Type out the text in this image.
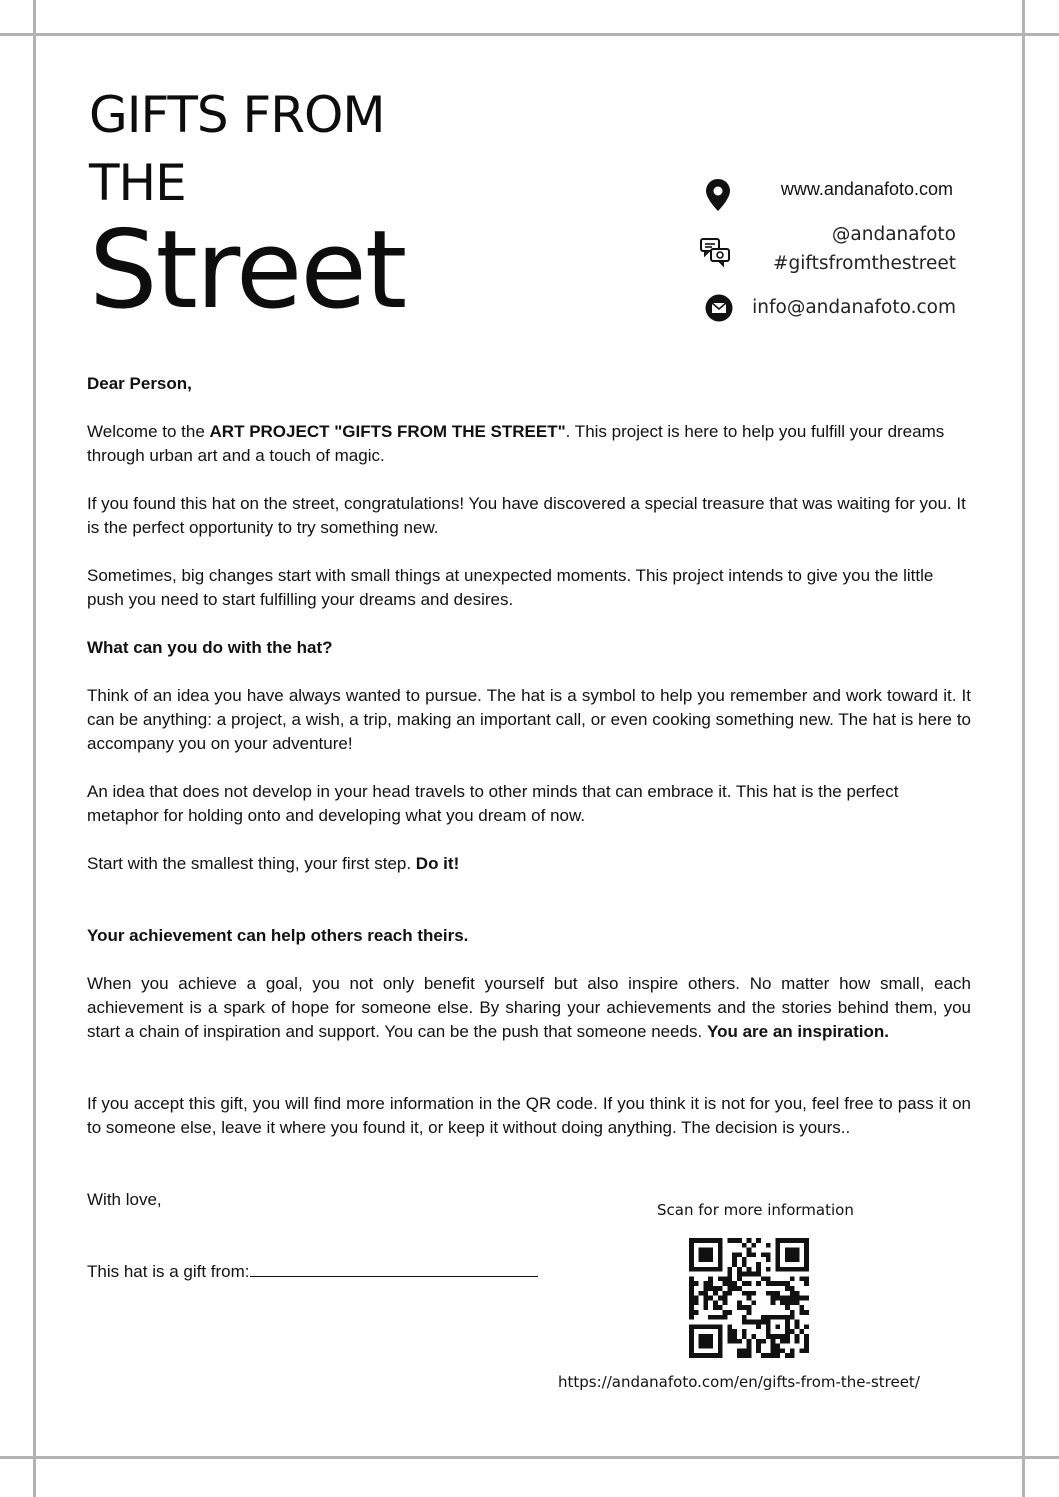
GIFTS FROM
THE
Street
www.andanafoto.com
@andanafoto
#giftsfromthestreet
info@andanafoto.com

Dear Person,

Welcome to the ART PROJECT "GIFTS FROM THE STREET". This project is here to help you fulfill your dreams through urban art and a touch of magic.

If you found this hat on the street, congratulations! You have discovered a special treasure that was waiting for you. It is the perfect opportunity to try something new.

Sometimes, big changes start with small things at unexpected moments. This project intends to give you the little push you need to start fulfilling your dreams and desires.

What can you do with the hat?

Think of an idea you have always wanted to pursue. The hat is a symbol to help you remember and work toward it. It can be anything: a project, a wish, a trip, making an important call, or even cooking something new. The hat is here to accompany you on your adventure!

An idea that does not develop in your head travels to other minds that can embrace it. This hat is the perfect metaphor for holding onto and developing what you dream of now.

Start with the smallest thing, your first step. Do it!

Your achievement can help others reach theirs.

When you achieve a goal, you not only benefit yourself but also inspire others. No matter how small, each achievement is a spark of hope for someone else. By sharing your achievements and the stories behind them, you start a chain of inspiration and support. You can be the push that someone needs. You are an inspiration.

If you accept this gift, you will find more information in the QR code. If you think it is not for you, feel free to pass it on to someone else, leave it where you found it, or keep it without doing anything. The decision is yours..

With love,

This hat is a gift from:

Scan for more information
https://andanafoto.com/en/gifts-from-the-street/
